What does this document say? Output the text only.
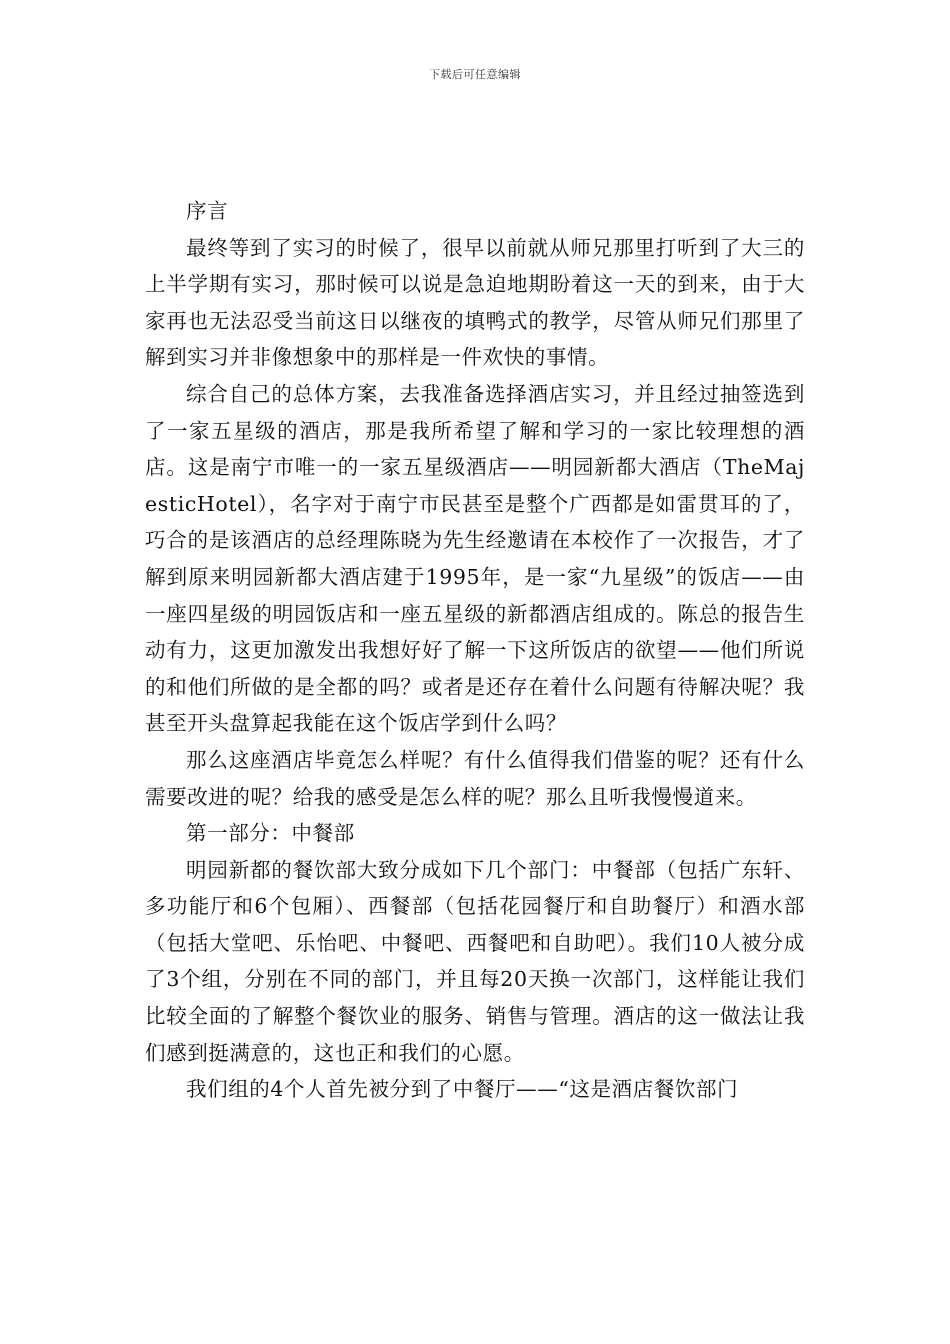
下载后可任意编辑

序言

最终等到了实习的时候了，很早以前就从师兄那里打听到了大三的上半学期有实习，那时候可以说是急迫地期盼着这一天的到来，由于大家再也无法忍受当前这日以继夜的填鸭式的教学，尽管从师兄们那里了解到实习并非像想象中的那样是一件欢快的事情。

综合自己的总体方案，去我准备选择酒店实习，并且经过抽签选到了一家五星级的酒店，那是我所希望了解和学习的一家比较理想的酒店。这是南宁市唯一的一家五星级酒店——明园新都大酒店（TheMajesticHotel），名字对于南宁市民甚至是整个广西都是如雷贯耳的了，巧合的是该酒店的总经理陈晓为先生经邀请在本校作了一次报告，才了解到原来明园新都大酒店建于1995年，是一家“九星级”的饭店——由一座四星级的明园饭店和一座五星级的新都酒店组成的。陈总的报告生动有力，这更加激发出我想好好了解一下这所饭店的欲望——他们所说的和他们所做的是全都的吗？或者是还存在着什么问题有待解决呢？我甚至开头盘算起我能在这个饭店学到什么吗？

那么这座酒店毕竟怎么样呢？有什么值得我们借鉴的呢？还有什么需要改进的呢？给我的感受是怎么样的呢？那么且听我慢慢道来。

第一部分：中餐部

明园新都的餐饮部大致分成如下几个部门：中餐部（包括广东轩、多功能厅和6个包厢）、西餐部（包括花园餐厅和自助餐厅）和酒水部（包括大堂吧、乐怡吧、中餐吧、西餐吧和自助吧）。我们10人被分成了3个组，分别在不同的部门，并且每20天换一次部门，这样能让我们比较全面的了解整个餐饮业的服务、销售与管理。酒店的这一做法让我们感到挺满意的，这也正和我们的心愿。

我们组的4个人首先被分到了中餐厅——“这是酒店餐饮部门
